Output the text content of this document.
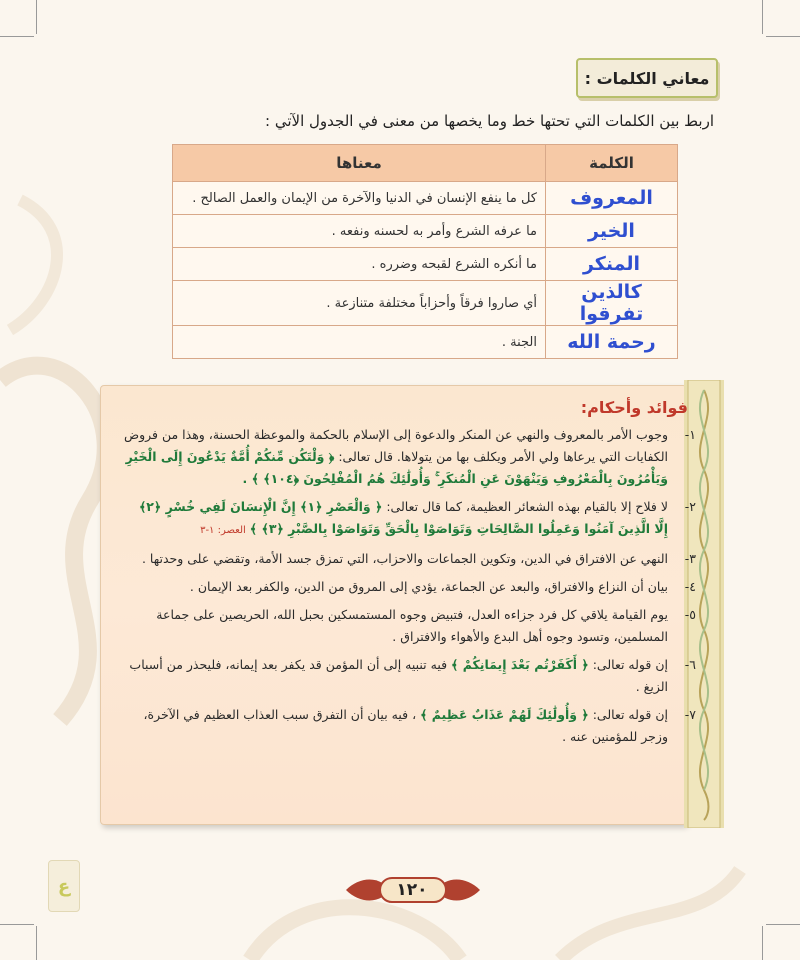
معاني الكلمات :
اربط بين الكلمات التي تحتها خط وما يخصها من معنى في الجدول الآتي :
الكلمة	معناها
المعروف	كل ما ينفع الإنسان في الدنيا والآخرة من الإيمان والعمل الصالح .
الخير	ما عرفه الشرع وأمر به لحسنه ونفعه .
المنكر	ما أنكره الشرع لقبحه وضرره .
كالذين تفرقوا	أي صاروا فرقاً وأحزاباً مختلفة متنازعة .
رحمة الله	الجنة .
فوائد وأحكام:
١-
وجوب الأمر بالمعروف والنهي عن المنكر والدعوة إلى الإسلام بالحكمة والموعظة الحسنة، وهذا من فروض الكفايات التي يرعاها ولي الأمر ويكلف بها من يتولاها. قال تعالى: ﴿ وَلْتَكُن مِّنكُمْ أُمَّةٌ يَدْعُونَ إِلَى الْخَيْرِ وَيَأْمُرُونَ بِالْمَعْرُوفِ وَيَنْهَوْنَ عَنِ الْمُنكَرِ ۚ وَأُولَٰئِكَ هُمُ الْمُفْلِحُونَ ﴿١٠٤﴾ ﴾ .
٢-
لا فلاح إلا بالقيام بهذه الشعائر العظيمة، كما قال تعالى: ﴿ وَالْعَصْرِ ﴿١﴾ إِنَّ الْإِنسَانَ لَفِي خُسْرٍ ﴿٢﴾ إِلَّا الَّذِينَ آمَنُوا وَعَمِلُوا الصَّالِحَاتِ وَتَوَاصَوْا بِالْحَقِّ وَتَوَاصَوْا بِالصَّبْرِ ﴿٣﴾ ﴾ العصر: ١-٣
٣-
النهي عن الافتراق في الدين، وتكوين الجماعات والاحزاب، التي تمزق جسد الأمة، وتقضي على وحدتها .
٤-
بيان أن النزاع والافتراق، والبعد عن الجماعة، يؤدي إلى المروق من الدين، والكفر بعد الإيمان .
٥-
يوم القيامة يلاقي كل فرد جزاءه العدل، فتبيض وجوه المستمسكين بحبل الله، الحريصين على جماعة المسلمين، وتسود وجوه أهل البدع والأهواء والافتراق .
٦-
إن قوله تعالى: ﴿ أَكَفَرْتُم بَعْدَ إِيمَانِكُمْ ﴾ فيه تنبيه إلى أن المؤمن قد يكفر بعد إيمانه، فليحذر من أسباب الزيغ .
٧-
إن قوله تعالى: ﴿ وَأُولَٰئِكَ لَهُمْ عَذَابٌ عَظِيمٌ ﴾ ، فيه بيان أن التفرق سبب العذاب العظيم في الآخرة، وزجر للمؤمنين عنه .
١٢٠
ع
